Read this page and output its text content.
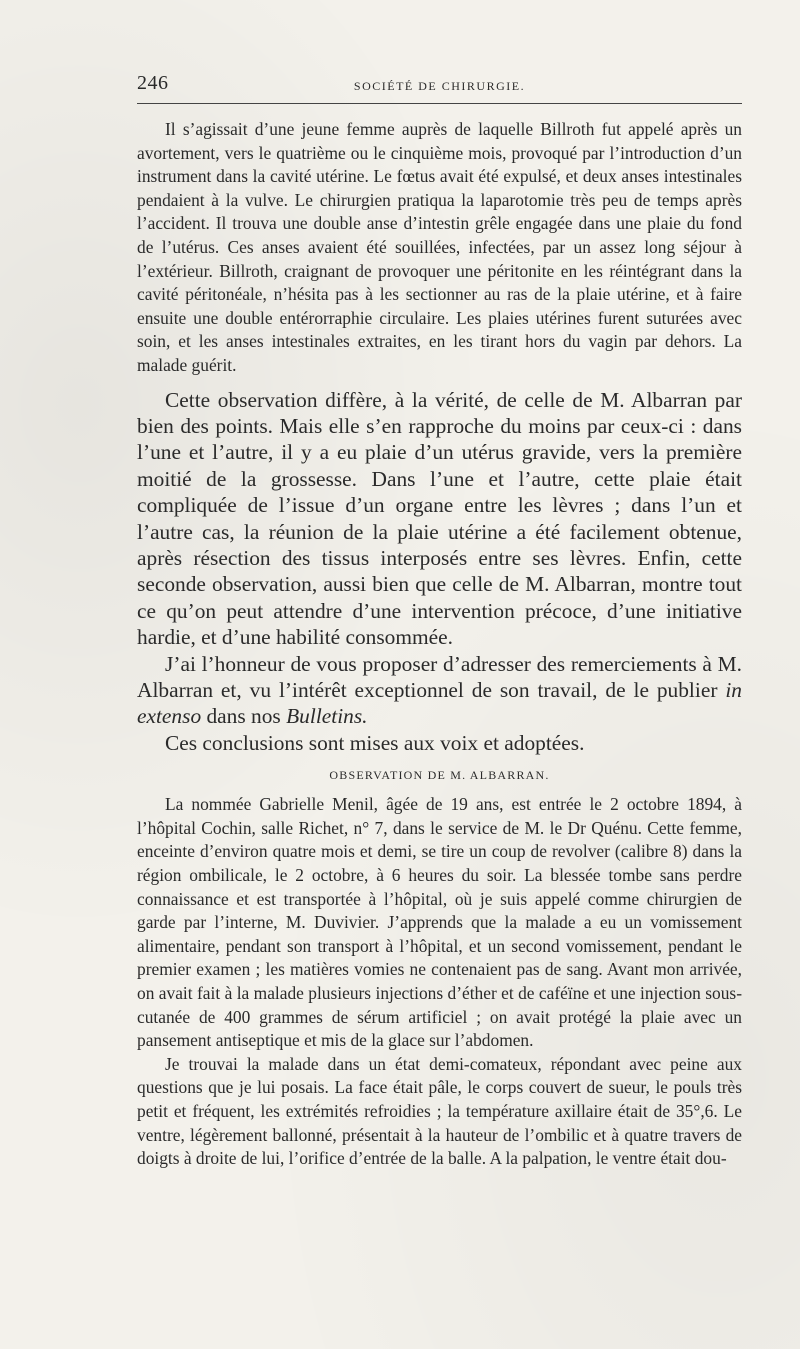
246	SOCIÉTÉ DE CHIRURGIE.

Il s’agissait d’une jeune femme auprès de laquelle Billroth fut appelé après un avortement, vers le quatrième ou le cinquième mois, provoqué par l’introduction d’un instrument dans la cavité utérine. Le fœtus avait été expulsé, et deux anses intestinales pendaient à la vulve. Le chirurgien pratiqua la laparotomie très peu de temps après l’accident. Il trouva une double anse d’intestin grêle engagée dans une plaie du fond de l’utérus. Ces anses avaient été souillées, infectées, par un assez long séjour à l’extérieur. Billroth, craignant de provoquer une péritonite en les réintégrant dans la cavité péritonéale, n’hésita pas à les sectionner au ras de la plaie utérine, et à faire ensuite une double entérorraphie circulaire. Les plaies utérines furent suturées avec soin, et les anses intestinales extraites, en les tirant hors du vagin par dehors. La malade guérit.

Cette observation diffère, à la vérité, de celle de M. Albarran par bien des points. Mais elle s’en rapproche du moins par ceux-ci : dans l’une et l’autre, il y a eu plaie d’un utérus gravide, vers la première moitié de la grossesse. Dans l’une et l’autre, cette plaie était compliquée de l’issue d’un organe entre les lèvres ; dans l’un et l’autre cas, la réunion de la plaie utérine a été facilement obtenue, après résection des tissus interposés entre ses lèvres. Enfin, cette seconde observation, aussi bien que celle de M. Albarran, montre tout ce qu’on peut attendre d’une intervention précoce, d’une initiative hardie, et d’une habilité consommée.

J’ai l’honneur de vous proposer d’adresser des remerciements à M. Albarran et, vu l’intérêt exceptionnel de son travail, de le publier in extenso dans nos Bulletins.

Ces conclusions sont mises aux voix et adoptées.

OBSERVATION DE M. ALBARRAN.

La nommée Gabrielle Menil, âgée de 19 ans, est entrée le 2 octobre 1894, à l’hôpital Cochin, salle Richet, n° 7, dans le service de M. le Dr Quénu. Cette femme, enceinte d’environ quatre mois et demi, se tire un coup de revolver (calibre 8) dans la région ombilicale, le 2 octobre, à 6 heures du soir. La blessée tombe sans perdre connaissance et est transportée à l’hôpital, où je suis appelé comme chirurgien de garde par l’interne, M. Duvivier. J’apprends que la malade a eu un vomissement alimentaire, pendant son transport à l’hôpital, et un second vomissement, pendant le premier examen ; les matières vomies ne contenaient pas de sang. Avant mon arrivée, on avait fait à la malade plusieurs injections d’éther et de caféïne et une injection sous-cutanée de 400 grammes de sérum artificiel ; on avait protégé la plaie avec un pansement antiseptique et mis de la glace sur l’abdomen.

Je trouvai la malade dans un état demi-comateux, répondant avec peine aux questions que je lui posais. La face était pâle, le corps couvert de sueur, le pouls très petit et fréquent, les extrémités refroidies ; la température axillaire était de 35°,6. Le ventre, légèrement ballonné, présentait à la hauteur de l’ombilic et à quatre travers de doigts à droite de lui, l’orifice d’entrée de la balle. A la palpation, le ventre était dou-
